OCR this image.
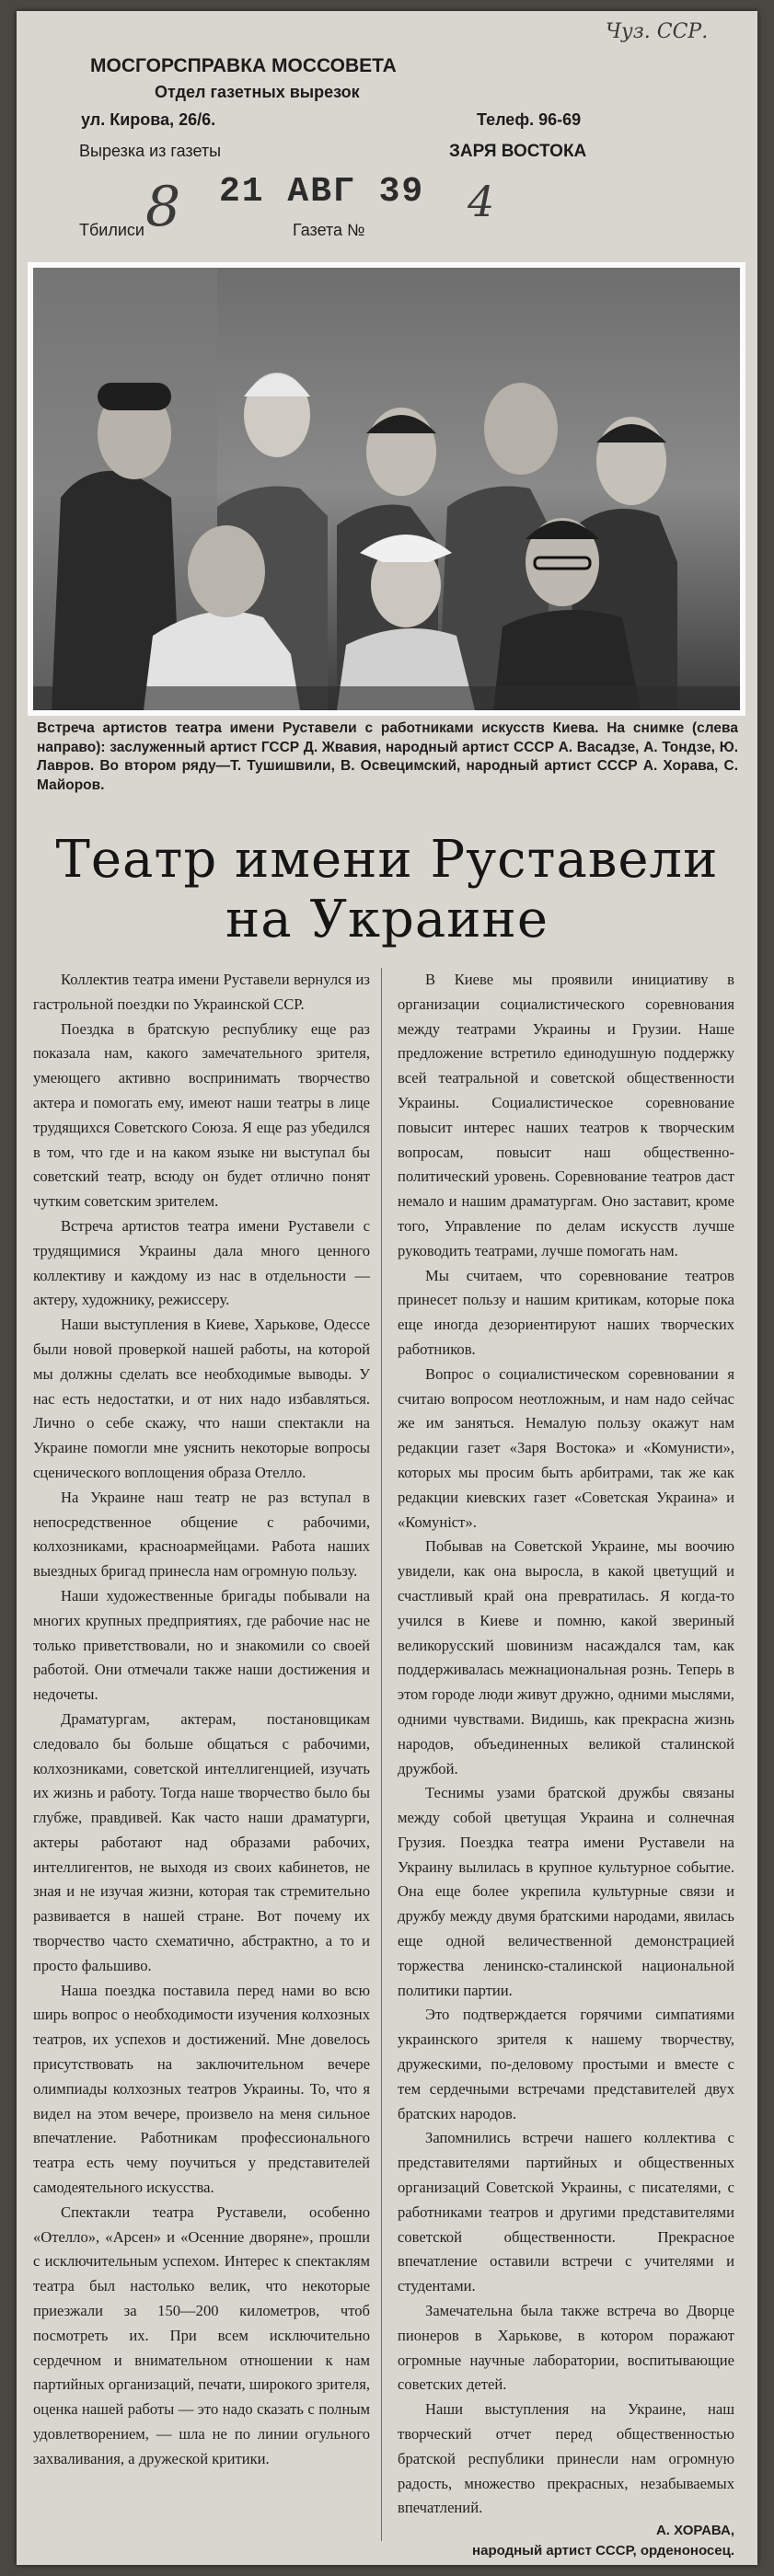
Чуз. ССР.
МОСГОРСПРАВКА МОССОВЕТА
Отдел газетных вырезок
ул. Кирова, 26/6.	Телеф. 96-69
Вырезка из газеты	ЗАРЯ ВОСТОКА
Тбилиси	Газета №
8 21 АВГ 39 4
Встреча артистов театра имени Руставели с работниками искусств Киева. На снимке (слева направо): заслуженный артист ГССР Д. Жвавия, народный артист СССР А. Васадзе, А. Тондзе, Ю. Лавров. Во втором ряду—Т. Тушишвили, В. Освецимский, народный артист СССР А. Хорава, С. Майоров.
Театр имени Руставели
на Украине

Коллектив театра имени Руставели вернулся из гастрольной поездки по Украинской ССР.

Поездка в братскую республику еще раз показала нам, какого замечательного зрителя, умеющего активно воспринимать творчество актера и помогать ему, имеют наши театры в лице трудящихся Советского Союза. Я еще раз убедился в том, что где и на каком языке ни выступал бы советский театр, всюду он будет отлично понят чутким советским зрителем.

Встреча артистов театра имени Руставели с трудящимися Украины дала много ценного коллективу и каждому из нас в отдельности — актеру, художнику, режиссеру.

Наши выступления в Киеве, Харькове, Одессе были новой проверкой нашей работы, на которой мы должны сделать все необходимые выводы. У нас есть недостатки, и от них надо избавляться. Лично о себе скажу, что наши спектакли на Украине помогли мне уяснить некоторые вопросы сценического воплощения образа Отелло.

На Украине наш театр не раз вступал в непосредственное общение с рабочими, колхозниками, красноармейцами. Работа наших выездных бригад принесла нам огромную пользу.

Наши художественные бригады побывали на многих крупных предприятиях, где рабочие нас не только приветствовали, но и знакомили со своей работой. Они отмечали также наши достижения и недочеты.

Драматургам, актерам, постановщикам следовало бы больше общаться с рабочими, колхозниками, советской интеллигенцией, изучать их жизнь и работу. Тогда наше творчество было бы глубже, правдивей. Как часто наши драматурги, актеры работают над образами рабочих, интеллигентов, не выходя из своих кабинетов, не зная и не изучая жизни, которая так стремительно развивается в нашей стране. Вот почему их творчество часто схематично, абстрактно, а то и просто фальшиво.

Наша поездка поставила перед нами во всю ширь вопрос о необходимости изучения колхозных театров, их успехов и достижений. Мне довелось присутствовать на заключительном вечере олимпиады колхозных театров Украины. То, что я видел на этом вечере, произвело на меня сильное впечатление. Работникам профессионального театра есть чему поучиться у представителей самодеятельного искусства.

Спектакли театра Руставели, особенно «Отелло», «Арсен» и «Осенние дворяне», прошли с исключительным успехом. Интерес к спектаклям театра был настолько велик, что некоторые приезжали за 150—200 километров, чтоб посмотреть их. При всем исключительно сердечном и внимательном отношении к нам партийных организаций, печати, широкого зрителя, оценка нашей работы — это надо сказать с полным удовлетворением, — шла не по линии огульного захваливания, а дружеской критики.

В Киеве мы проявили инициативу в организации социалистического соревнования между театрами Украины и Грузии. Наше предложение встретило единодушную поддержку всей театральной и советской общественности Украины. Социалистическое соревнование повысит интерес наших театров к творческим вопросам, повысит наш общественно-политический уровень. Соревнование театров даст немало и нашим драматургам. Оно заставит, кроме того, Управление по делам искусств лучше руководить театрами, лучше помогать нам.

Мы считаем, что соревнование театров принесет пользу и нашим критикам, которые пока еще иногда дезориентируют наших творческих работников.

Вопрос о социалистическом соревновании я считаю вопросом неотложным, и нам надо сейчас же им заняться. Немалую пользу окажут нам редакции газет «Заря Востока» и «Комунисти», которых мы просим быть арбитрами, так же как редакции киевских газет «Советская Украина» и «Комунiст».

Побывав на Советской Украине, мы воочию увидели, как она выросла, в какой цветущий и счастливый край она превратилась. Я когда-то учился в Киеве и помню, какой звериный великорусский шовинизм насаждался там, как поддерживалась межнациональная рознь. Теперь в этом городе люди живут дружно, одними мыслями, одними чувствами. Видишь, как прекрасна жизнь народов, объединенных великой сталинской дружбой.

Теснимы узами братской дружбы связаны между собой цветущая Украина и солнечная Грузия. Поездка театра имени Руставели на Украину вылилась в крупное культурное событие. Она еще более укрепила культурные связи и дружбу между двумя братскими народами, явилась еще одной величественной демонстрацией торжества ленинско-сталинской национальной политики партии.

Это подтверждается горячими симпатиями украинского зрителя к нашему творчеству, дружескими, по-деловому простыми и вместе с тем сердечными встречами представителей двух братских народов.

Запомнились встречи нашего коллектива с представителями партийных и общественных организаций Советской Украины, с писателями, с работниками театров и другими представителями советской общественности. Прекрасное впечатление оставили встречи с учителями и студентами.

Замечательна была также встреча во Дворце пионеров в Харькове, в котором поражают огромные научные лаборатории, воспитывающие советских детей.

Наши выступления на Украине, наш творческий отчет перед общественностью братской республики принесли нам огромную радость, множество прекрасных, незабываемых впечатлений.

А. ХОРАВА,

народный артист СССР, орденоносец.
